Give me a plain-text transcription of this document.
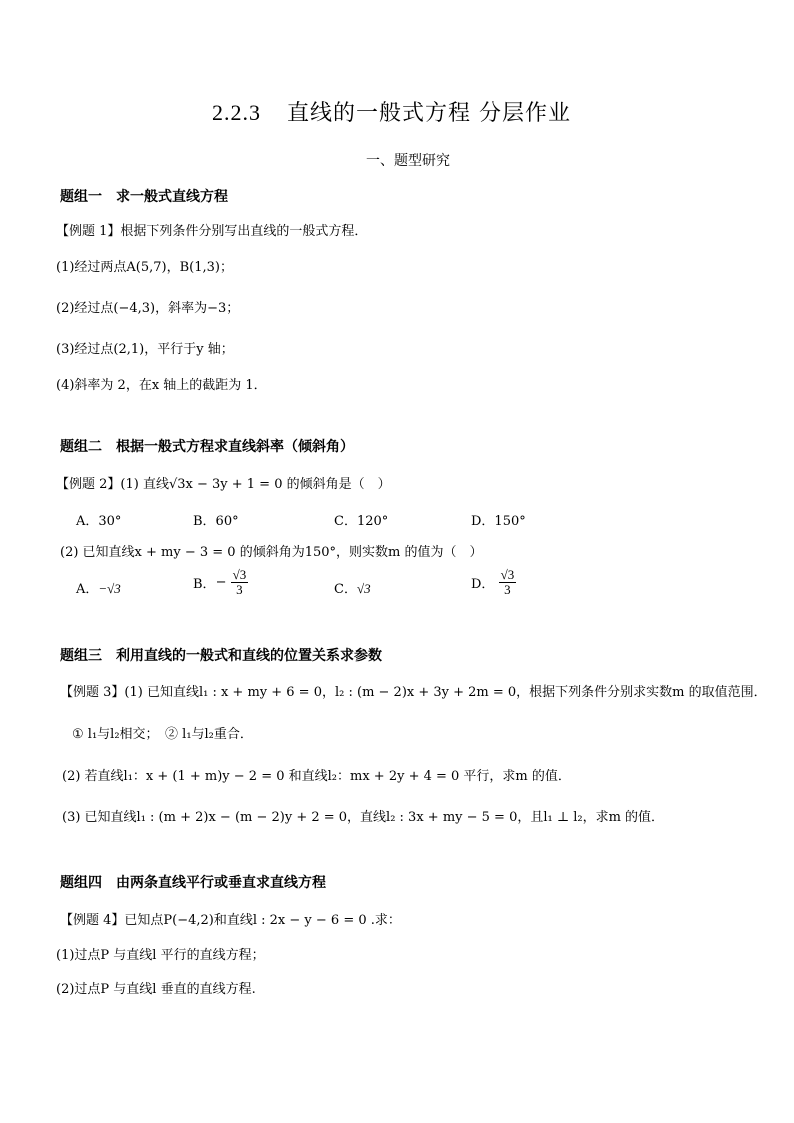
2.2.3 直线的一般式方程 分层作业
一、题型研究
题组一　求一般式直线方程
【例题 1】根据下列条件分别写出直线的一般式方程．
(1)经过两点A(5,7)，B(1,3)；
(2)经过点(−4,3)，斜率为−3；
(3)经过点(2,1)，平行于y 轴；
(4)斜率为 2，在x 轴上的截距为 1．
题组二　根据一般式方程求直线斜率（倾斜角）
【例题 2】(1) 直线√3x − 3y + 1 = 0 的倾斜角是（　）
A．30°	B．60°	C．120°	D．150°
(2) 已知直线x + my − 3 = 0 的倾斜角为150°，则实数m 的值为（　）
A．−√3	B．− $\frac{√3}{3}$	C．√3	D． $\frac{√3}{3}$
题组三　利用直线的一般式和直线的位置关系求参数
【例题 3】(1) 已知直线l₁ : x + my + 6 = 0，l₂ : (m − 2)x + 3y + 2m = 0，根据下列条件分别求实数m 的取值范围．
① l₁与l₂相交；　② l₁与l₂重合．
(2) 若直线l₁：x + (1 + m)y − 2 = 0 和直线l₂：mx + 2y + 4 = 0 平行，求m 的值．
(3) 已知直线l₁ : (m + 2)x − (m − 2)y + 2 = 0，直线l₂ : 3x + my − 5 = 0，且l₁ ⊥ l₂，求m 的值．
题组四　由两条直线平行或垂直求直线方程
【例题 4】已知点P(−4,2)和直线l : 2x − y − 6 = 0 .求：
(1)过点P 与直线l 平行的直线方程；
(2)过点P 与直线l 垂直的直线方程.
